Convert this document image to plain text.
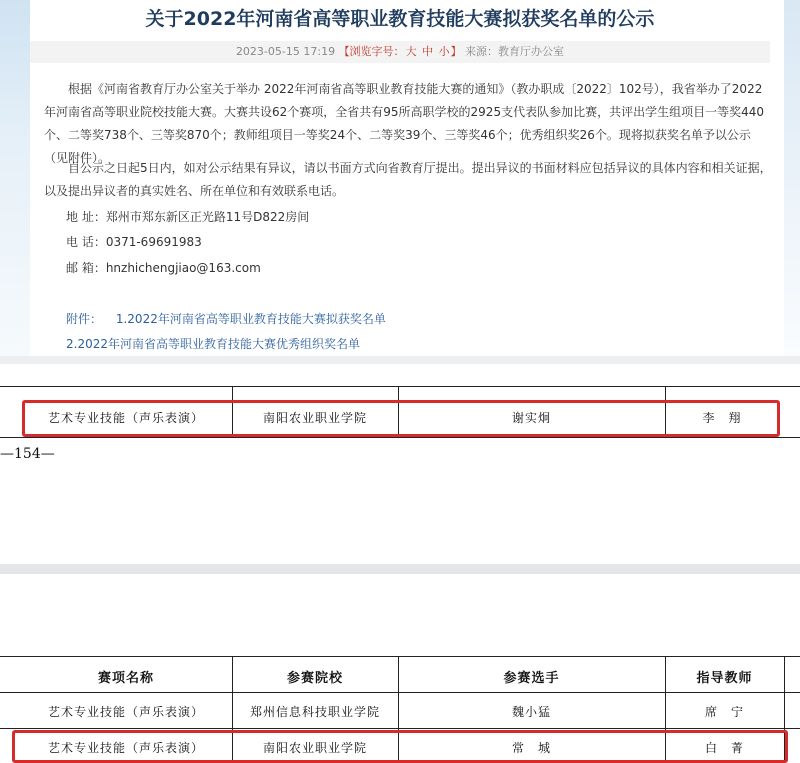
关于2022年河南省高等职业教育技能大赛拟获奖名单的公示
2023-05-15 17:19 【浏览字号：大 中 小】 来源：教育厅办公室
根据《河南省教育厅办公室关于举办 2022年河南省高等职业教育技能大赛的通知》（教办职成〔2022〕102号），我省举办了2022年河南省高等职业院校技能大赛。大赛共设62个赛项，全省共有95所高职学校的2925支代表队参加比赛，共评出学生组项目一等奖440个、二等奖738个、三等奖870个；教师组项目一等奖24个、二等奖39个、三等奖46个；优秀组织奖26个。现将拟获奖名单予以公示（见附件）。
自公示之日起5日内，如对公示结果有异议，请以书面方式向省教育厅提出。提出异议的书面材料应包括异议的具体内容和相关证据，以及提出异议者的真实姓名、所在单位和有效联系电话。
地 址：郑州市郑东新区正光路11号D822房间
电 话：0371-69691983
邮 箱：hnzhichengjiao@163.com
附件： 1.2022年河南省高等职业教育技能大赛拟获奖名单
2.2022年河南省高等职业教育技能大赛优秀组织奖名单
艺术专业技能（声乐表演）	南阳农业职业学院	谢实炯	李　翔
—154—
赛项名称	参赛院校	参赛选手	指导教师
艺术专业技能（声乐表演）	郑州信息科技职业学院	魏小猛	席　宁
艺术专业技能（声乐表演）	南阳农业职业学院	常　城	白　菁
